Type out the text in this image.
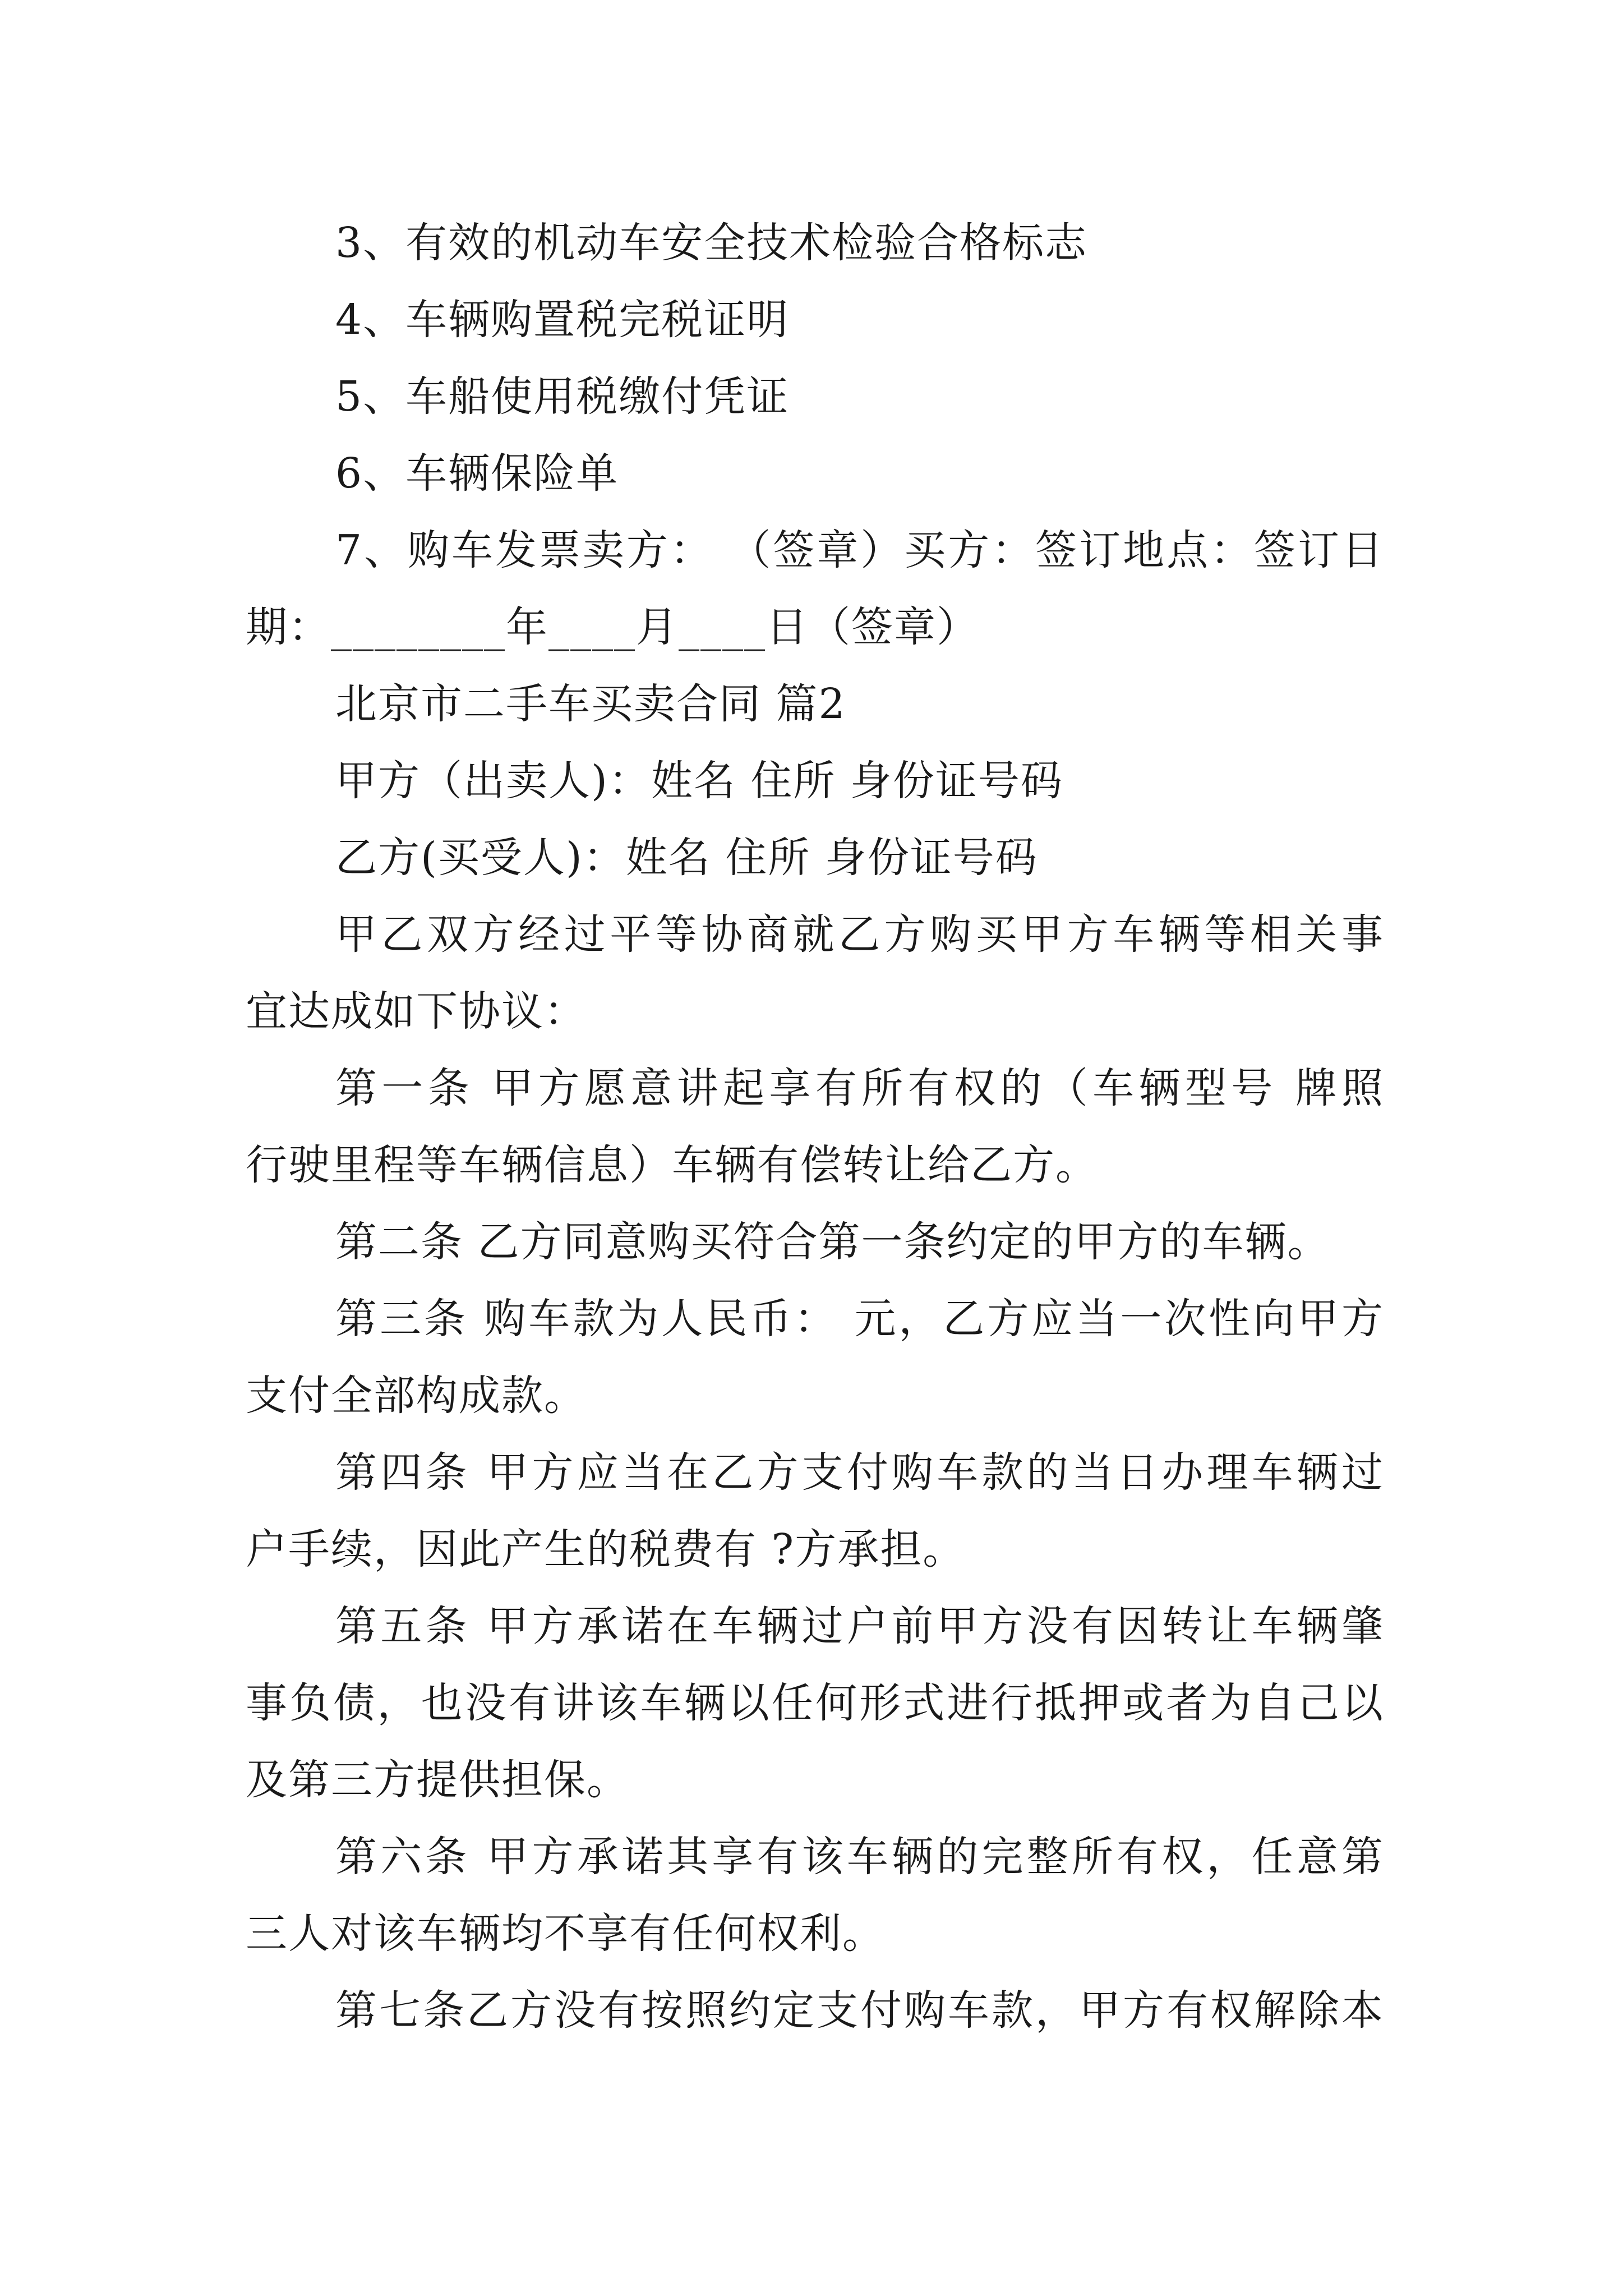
3、有效的机动车安全技术检验合格标志
4、车辆购置税完税证明
5、车船使用税缴付凭证
6、车辆保险单
7、购车发票卖方： （签章）买方：签订地点：签订日
期：________年____月____日（签章）
北京市二手车买卖合同 篇2
甲方（出卖人)：姓名 住所 身份证号码
乙方(买受人)：姓名 住所 身份证号码
甲乙双方经过平等协商就乙方购买甲方车辆等相关事
宜达成如下协议：
第一条 甲方愿意讲起享有所有权的（车辆型号 牌照
行驶里程等车辆信息）车辆有偿转让给乙方。
第二条 乙方同意购买符合第一条约定的甲方的车辆。
第三条 购车款为人民币： 元，乙方应当一次性向甲方
支付全部构成款。
第四条 甲方应当在乙方支付购车款的当日办理车辆过
户手续，因此产生的税费有 ?方承担。
第五条 甲方承诺在车辆过户前甲方没有因转让车辆肇
事负债，也没有讲该车辆以任何形式进行抵押或者为自己以
及第三方提供担保。
第六条 甲方承诺其享有该车辆的完整所有权，任意第
三人对该车辆均不享有任何权利。
第七条乙方没有按照约定支付购车款，甲方有权解除本
